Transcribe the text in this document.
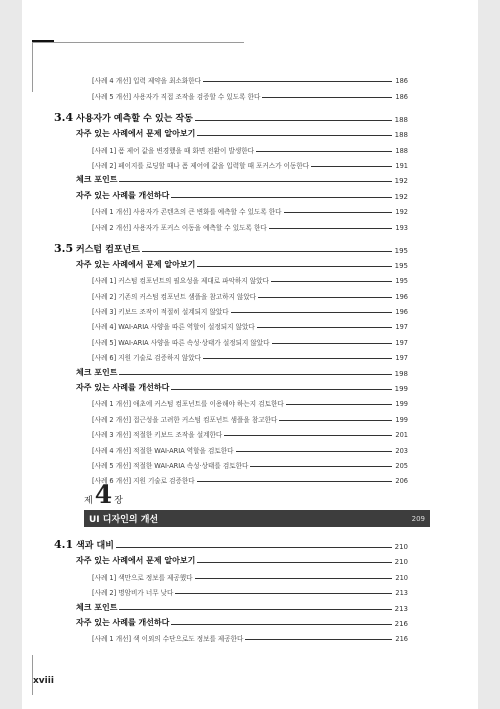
[사례 4 개선] 입력 제약을 최소화한다	186
[사례 5 개선] 사용자가 직접 조작을 검증할 수 있도록 한다	186
3.4 사용자가 예측할 수 있는 작동	188
자주 있는 사례에서 문제 알아보기	188
[사례 1] 폼 제어 값을 변경했을 때 화면 전환이 발생한다	188
[사례 2] 페이지를 로딩할 때나 폼 제어에 값을 입력할 때 포커스가 이동한다	191
체크 포인트	192
자주 있는 사례를 개선하다	192
[사례 1 개선] 사용자가 콘텐츠의 큰 변화를 예측할 수 있도록 한다	192
[사례 2 개선] 사용자가 포커스 이동을 예측할 수 있도록 한다	193
3.5 커스텀 컴포넌트	195
자주 있는 사례에서 문제 알아보기	195
[사례 1] 커스텀 컴포넌트의 필요성을 제대로 파악하지 않았다	195
[사례 2] 기존의 커스텀 컴포넌트 샘플을 참고하지 않았다	196
[사례 3] 키보드 조작이 적절히 설계되지 않았다	196
[사례 4] WAI-ARIA 사양을 따른 역할이 설정되지 않았다	197
[사례 5] WAI-ARIA 사양을 따른 속성·상태가 설정되지 않았다	197
[사례 6] 지원 기술로 검증하지 않았다	197
체크 포인트	198
자주 있는 사례를 개선하다	199
[사례 1 개선] 애초에 커스텀 컴포넌트를 이용해야 하는지 검토한다	199
[사례 2 개선] 접근성을 고려한 커스텀 컴포넌트 샘플을 참고한다	199
[사례 3 개선] 적절한 키보드 조작을 설계한다	201
[사례 4 개선] 적절한 WAI-ARIA 역할을 검토한다	203
[사례 5 개선] 적절한 WAI-ARIA 속성·상태를 검토한다	205
[사례 6 개선] 지원 기술로 검증한다	206
제 4 장
UI 디자인의 개선	209
4.1 색과 대비	210
자주 있는 사례에서 문제 알아보기	210
[사례 1] 색만으로 정보를 제공했다	210
[사례 2] 명암비가 너무 낮다	213
체크 포인트	213
자주 있는 사례를 개선하다	216
[사례 1 개선] 색 이외의 수단으로도 정보를 제공한다	216
xviii
